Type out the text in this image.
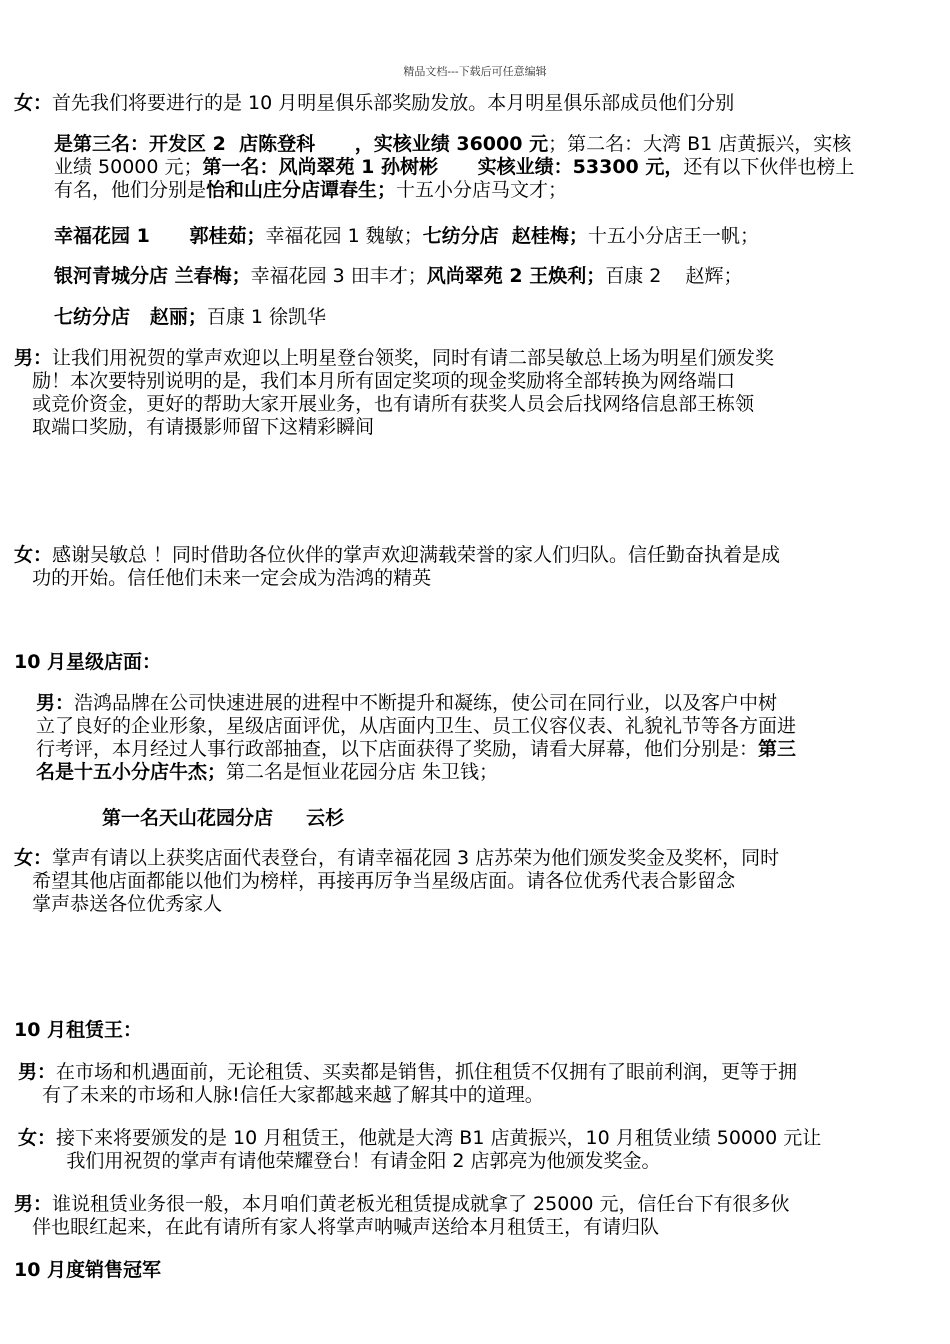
精品文档---下载后可任意编辑
女：首先我们将要进行的是 10 月明星俱乐部奖励发放。本月明星俱乐部成员他们分别
是第三名：开发区 2  店陈登科      ，实核业绩 36000 元；第二名：大湾 B1 店黄振兴，实核
业绩 50000 元；第一名：风尚翠苑 1 孙树彬      实核业绩：53300 元，还有以下伙伴也榜上
有名，他们分别是怡和山庄分店谭春生；十五小分店马文才；
幸福花园 1      郭桂茹；幸福花园 1 魏敏；七纺分店  赵桂梅；十五小分店王一帆；
银河青城分店 兰春梅；幸福花园 3 田丰才；风尚翠苑 2 王焕利；百康 2    赵辉；
七纺分店   赵丽；百康 1 徐凯华
男：让我们用祝贺的掌声欢迎以上明星登台领奖，同时有请二部吴敏总上场为明星们颁发奖
励！本次要特别说明的是，我们本月所有固定奖项的现金奖励将全部转换为网络端口
或竞价资金，更好的帮助大家开展业务，也有请所有获奖人员会后找网络信息部王栋领
取端口奖励，有请摄影师留下这精彩瞬间
女：感谢吴敏总 ！同时借助各位伙伴的掌声欢迎满载荣誉的家人们归队。信任勤奋执着是成
功的开始。信任他们未来一定会成为浩鸿的精英
10 月星级店面：
男：浩鸿品牌在公司快速进展的进程中不断提升和凝练，使公司在同行业，以及客户中树
立了良好的企业形象，星级店面评优，从店面内卫生、员工仪容仪表、礼貌礼节等各方面进
行考评，本月经过人事行政部抽查，以下店面获得了奖励，请看大屏幕，他们分别是：第三
名是十五小分店牛杰；第二名是恒业花园分店 朱卫钱；
第一名天山花园分店     云杉
女：掌声有请以上获奖店面代表登台，有请幸福花园 3 店苏荣为他们颁发奖金及奖杯，同时
希望其他店面都能以他们为榜样，再接再厉争当星级店面。请各位优秀代表合影留念
掌声恭送各位优秀家人
10 月租赁王：
男：在市场和机遇面前，无论租赁、买卖都是销售，抓住租赁不仅拥有了眼前利润，更等于拥
有了未来的市场和人脉!信任大家都越来越了解其中的道理。
女：接下来将要颁发的是 10 月租赁王，他就是大湾 B1 店黄振兴，10 月租赁业绩 50000 元让
我们用祝贺的掌声有请他荣耀登台！有请金阳 2 店郭亮为他颁发奖金。
男：谁说租赁业务很一般，本月咱们黄老板光租赁提成就拿了 25000 元，信任台下有很多伙
伴也眼红起来，在此有请所有家人将掌声呐喊声送给本月租赁王，有请归队
10 月度销售冠军
